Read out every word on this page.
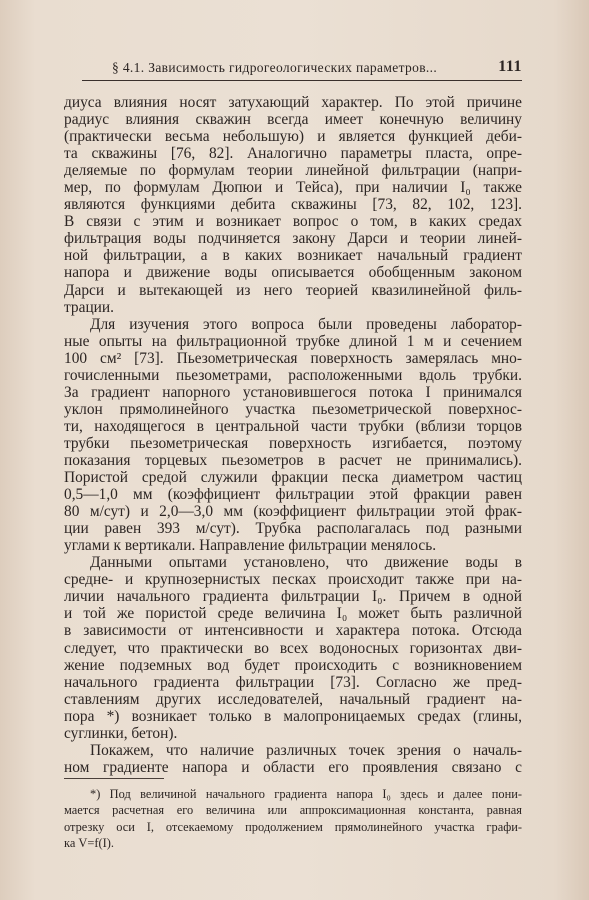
§ 4.1. Зависимость гидрогеологических параметров...	111
диуса влияния носят затухающий характер. По этой причине
радиус влияния скважин всегда имеет конечную величину
(практически весьма небольшую) и является функцией деби-
та скважины [76, 82]. Аналогично параметры пласта, опре-
деляемые по формулам теории линейной фильтрации (напри-
мер, по формулам Дюпюи и Тейса), при наличии I₀ также
являются функциями дебита скважины [73, 82, 102, 123].
В связи с этим и возникает вопрос о том, в каких средах
фильтрация воды подчиняется закону Дарси и теории линей-
ной фильтрации, а в каких возникает начальный градиент
напора и движение воды описывается обобщенным законом
Дарси и вытекающей из него теорией квазилинейной филь-
трации.
Для изучения этого вопроса были проведены лаборатор-
ные опыты на фильтрационной трубке длиной 1 м и сечением
100 см² [73]. Пьезометрическая поверхность замерялась мно-
гочисленными пьезометрами, расположенными вдоль трубки.
За градиент напорного установившегося потока I принимался
уклон прямолинейного участка пьезометрической поверхнос-
ти, находящегося в центральной части трубки (вблизи торцов
трубки пьезометрическая поверхность изгибается, поэтому
показания торцевых пьезометров в расчет не принимались).
Пористой средой служили фракции песка диаметром частиц
0,5—1,0 мм (коэффициент фильтрации этой фракции равен
80 м/сут) и 2,0—3,0 мм (коэффициент фильтрации этой фрак-
ции равен 393 м/сут). Трубка располагалась под разными
углами к вертикали. Направление фильтрации менялось.
Данными опытами установлено, что движение воды в
средне- и крупнозернистых песках происходит также при на-
личии начального градиента фильтрации I₀. Причем в одной
и той же пористой среде величина I₀ может быть различной
в зависимости от интенсивности и характера потока. Отсюда
следует, что практически во всех водоносных горизонтах дви-
жение подземных вод будет происходить с возникновением
начального градиента фильтрации [73]. Согласно же пред-
ставлениям других исследователей, начальный градиент на-
пора *) возникает только в малопроницаемых средах (глины,
суглинки, бетон).
Покажем, что наличие различных точек зрения о началь-
ном градиенте напора и области его проявления связано с
*) Под величиной начального градиента напора I₀ здесь и далее пони-
мается расчетная его величина или аппроксимационная константа, равная
отрезку оси I, отсекаемому продолжением прямолинейного участка графи-
ка V=f(I).
